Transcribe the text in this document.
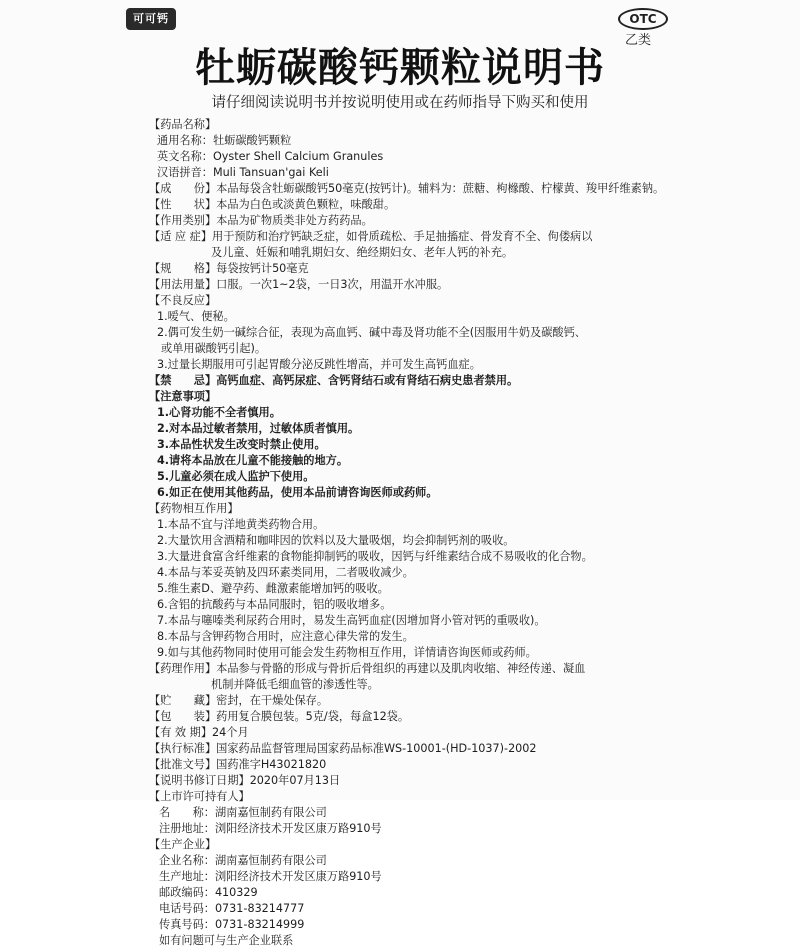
可可钙	OTC
乙类
牡蛎碳酸钙颗粒说明书
请仔细阅读说明书并按说明使用或在药师指导下购买和使用
【药品名称】
通用名称：牡蛎碳酸钙颗粒
英文名称：Oyster Shell Calcium Granules
汉语拼音：Muli Tansuan'gai Keli
【成　　份】本品每袋含牡蛎碳酸钙50毫克(按钙计)。辅料为：蔗糖、枸橼酸、柠檬黄、羧甲纤维素钠。
【性　　状】本品为白色或淡黄色颗粒，味酸甜。
【作用类别】本品为矿物质类非处方药药品。
【适 应 症】用于预防和治疗钙缺乏症，如骨质疏松、手足抽搐症、骨发育不全、佝偻病以
及儿童、妊娠和哺乳期妇女、绝经期妇女、老年人钙的补充。
【规　　格】每袋按钙计50毫克
【用法用量】口服。一次1~2袋，一日3次，用温开水冲服。
【不良反应】
1.嗳气、便秘。
2.偶可发生奶一碱综合征，表现为高血钙、碱中毒及肾功能不全(因服用牛奶及碳酸钙、
或单用碳酸钙引起)。
3.过量长期服用可引起胃酸分泌反跳性增高，并可发生高钙血症。
【禁　　忌】高钙血症、高钙尿症、含钙肾结石或有肾结石病史患者禁用。
【注意事项】
1.心肾功能不全者慎用。
2.对本品过敏者禁用，过敏体质者慎用。
3.本品性状发生改变时禁止使用。
4.请将本品放在儿童不能接触的地方。
5.儿童必须在成人监护下使用。
6.如正在使用其他药品，使用本品前请咨询医师或药师。
【药物相互作用】
1.本品不宜与洋地黄类药物合用。
2.大量饮用含酒精和咖啡因的饮料以及大量吸烟，均会抑制钙剂的吸收。
3.大量进食富含纤维素的食物能抑制钙的吸收，因钙与纤维素结合成不易吸收的化合物。
4.本品与苯妥英钠及四环素类同用，二者吸收减少。
5.维生素D、避孕药、雌激素能增加钙的吸收。
6.含铝的抗酸药与本品同服时，铝的吸收增多。
7.本品与噻嗪类利尿药合用时，易发生高钙血症(因增加肾小管对钙的重吸收)。
8.本品与含钾药物合用时，应注意心律失常的发生。
9.如与其他药物同时使用可能会发生药物相互作用，详情请咨询医师或药师。
【药理作用】本品参与骨骼的形成与骨折后骨组织的再建以及肌肉收缩、神经传递、凝血
机制并降低毛细血管的渗透性等。
【贮　　藏】密封，在干燥处保存。
【包　　装】药用复合膜包装。5克/袋，每盒12袋。
【有 效 期】24个月
【执行标准】国家药品监督管理局国家药品标准WS-10001-(HD-1037)-2002
【批准文号】国药准字H43021820
【说明书修订日期】2020年07月13日
【上市许可持有人】
名　　称：湖南嘉恒制药有限公司
注册地址：浏阳经济技术开发区康万路910号
【生产企业】
企业名称：湖南嘉恒制药有限公司
生产地址：浏阳经济技术开发区康万路910号
邮政编码：410329
电话号码：0731-83214777
传真号码：0731-83214999
如有问题可与生产企业联系
